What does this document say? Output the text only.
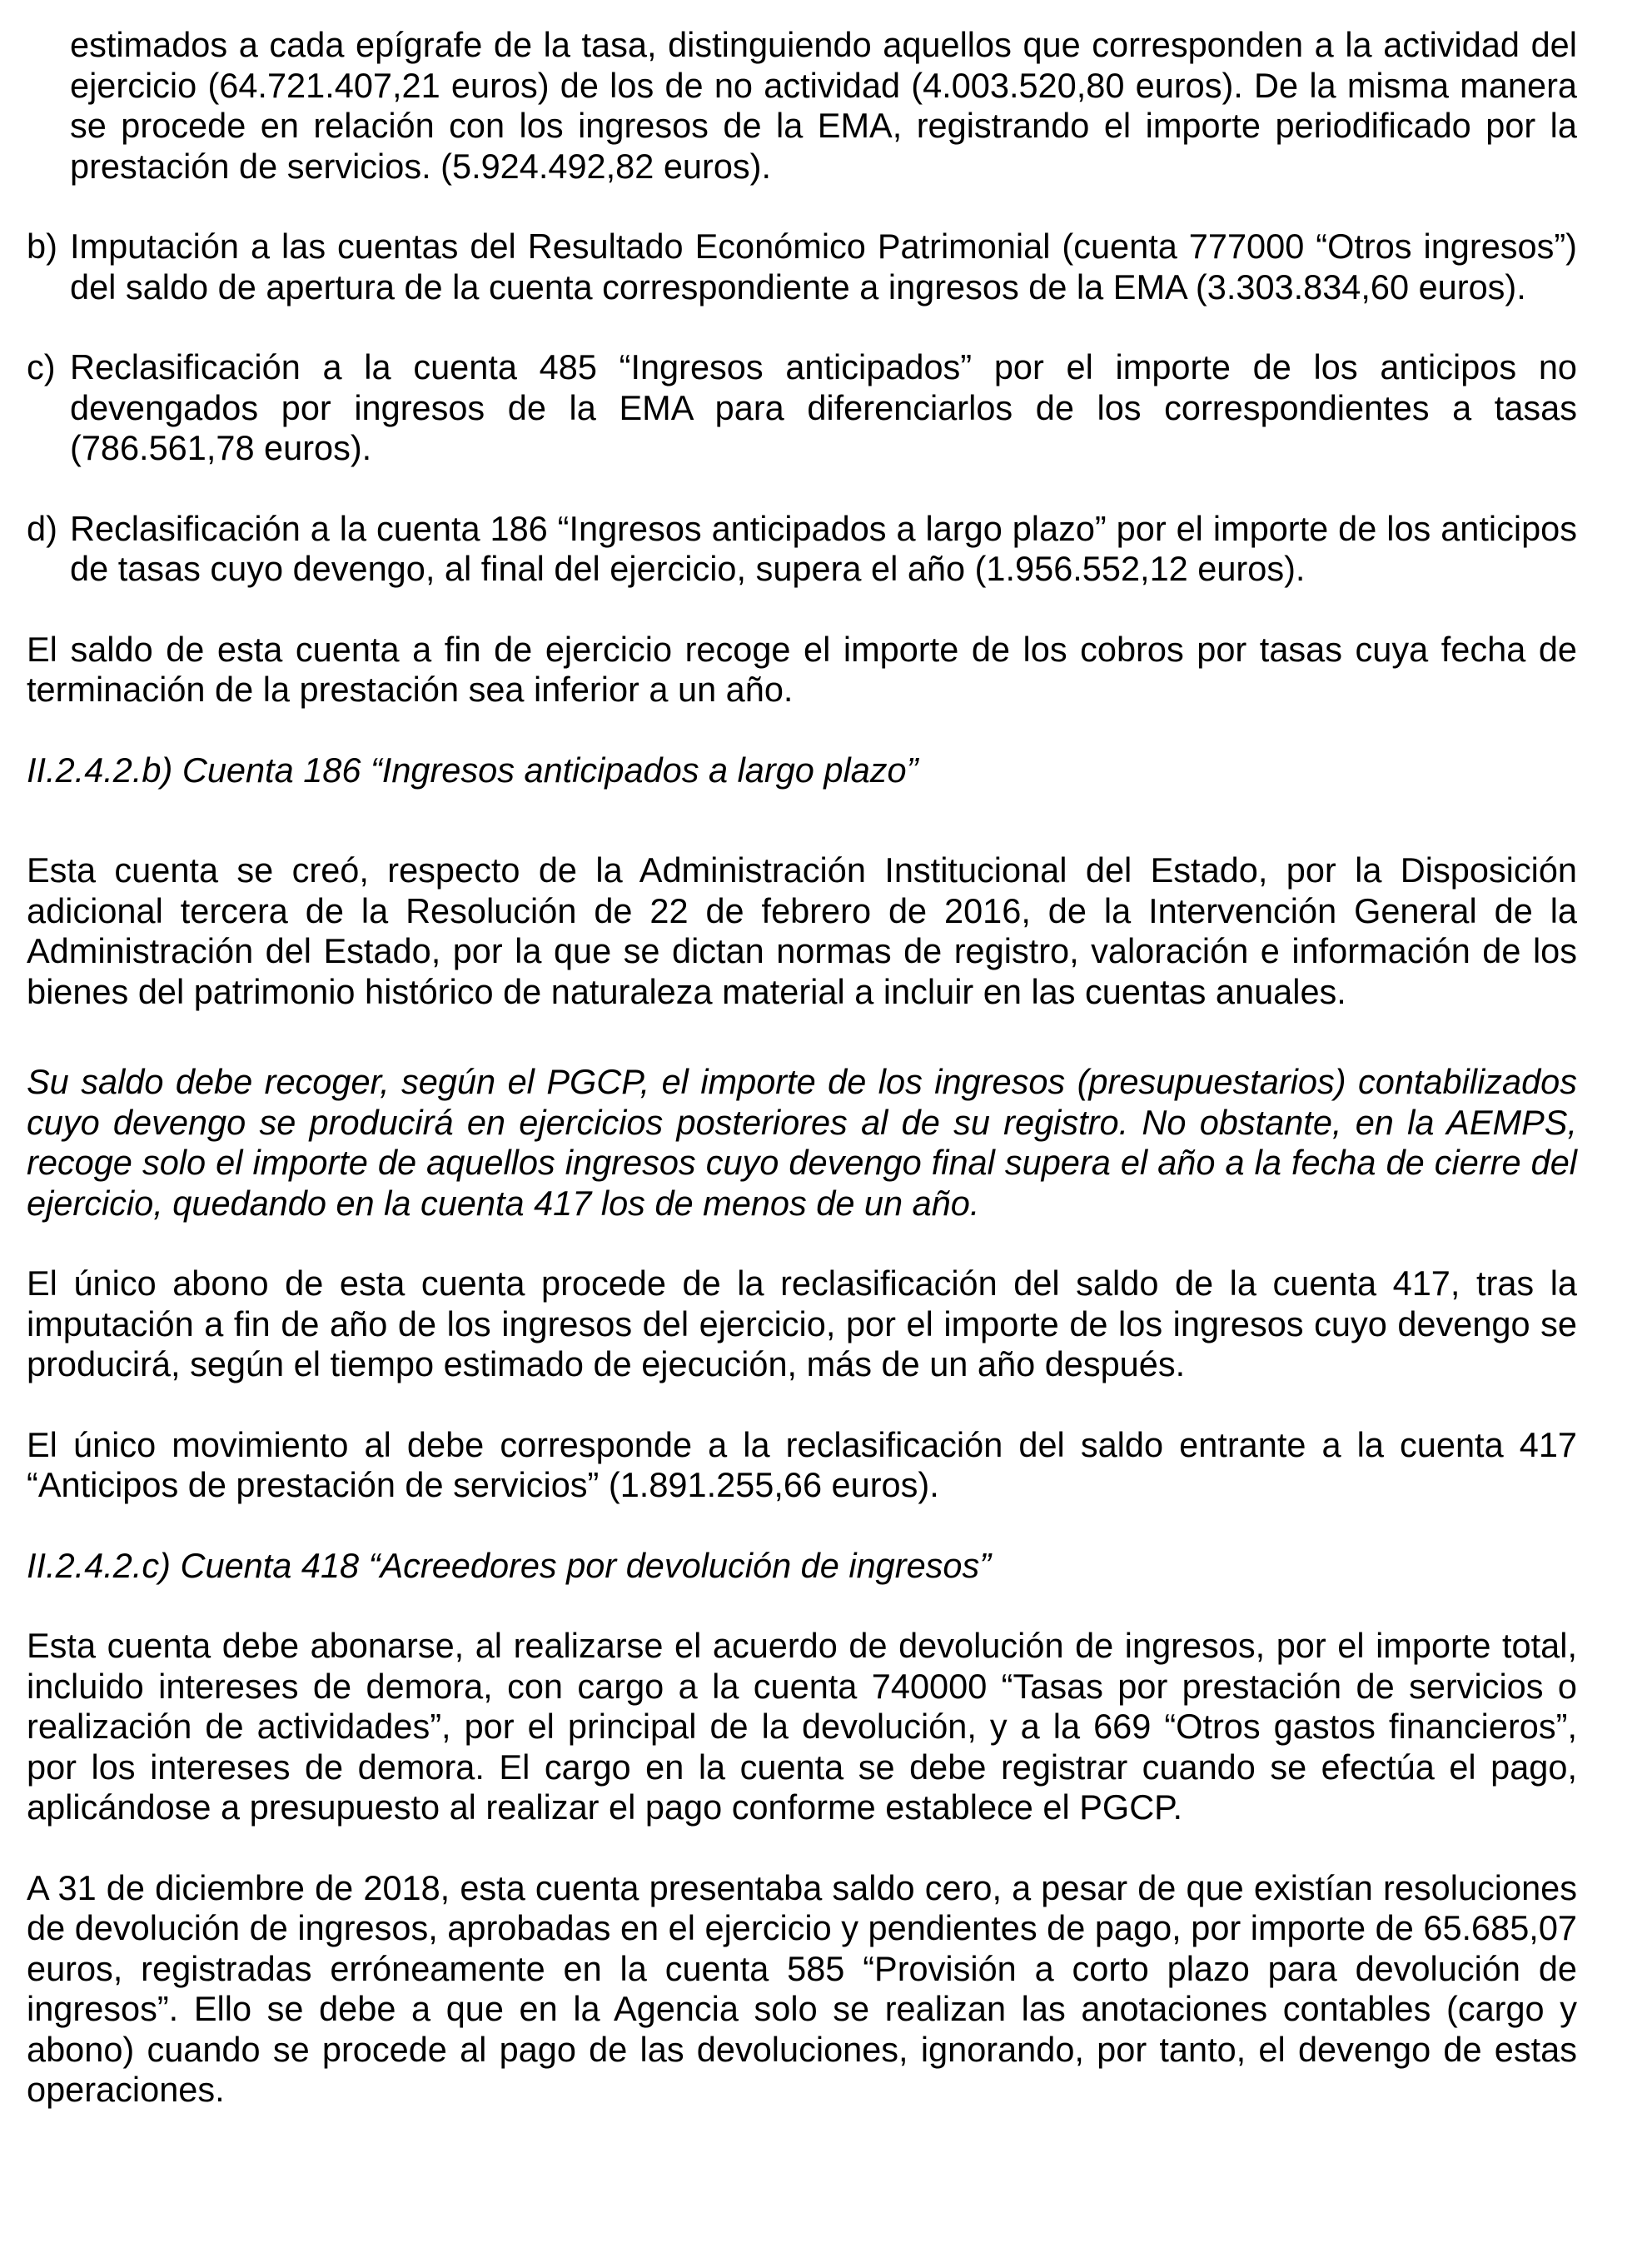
estimados a cada epígrafe de la tasa, distinguiendo aquellos que corresponden a la actividad del ejercicio (64.721.407,21 euros) de los de no actividad (4.003.520,80 euros). De la misma manera se procede en relación con los ingresos de la EMA, registrando el importe periodificado por la prestación de servicios. (5.924.492,82 euros).

b) Imputación a las cuentas del Resultado Económico Patrimonial (cuenta 777000 “Otros ingresos”) del saldo de apertura de la cuenta correspondiente a ingresos de la EMA (3.303.834,60 euros).
c) Reclasificación a la cuenta 485 “Ingresos anticipados” por el importe de los anticipos no devengados por ingresos de la EMA para diferenciarlos de los correspondientes a tasas (786.561,78 euros).
d) Reclasificación a la cuenta 186 “Ingresos anticipados a largo plazo” por el importe de los anticipos de tasas cuyo devengo, al final del ejercicio, supera el año (1.956.552,12 euros).

El saldo de esta cuenta a fin de ejercicio recoge el importe de los cobros por tasas cuya fecha de terminación de la prestación sea inferior a un año.

II.2.4.2.b) Cuenta 186 “Ingresos anticipados a largo plazo”

Esta cuenta se creó, respecto de la Administración Institucional del Estado, por la Disposición adicional tercera de la Resolución de 22 de febrero de 2016, de la Intervención General de la Administración del Estado, por la que se dictan normas de registro, valoración e información de los bienes del patrimonio histórico de naturaleza material a incluir en las cuentas anuales.

Su saldo debe recoger, según el PGCP, el importe de los ingresos (presupuestarios) contabilizados cuyo devengo se producirá en ejercicios posteriores al de su registro. No obstante, en la AEMPS, recoge solo el importe de aquellos ingresos cuyo devengo final supera el año a la fecha de cierre del ejercicio, quedando en la cuenta 417 los de menos de un año.

El único abono de esta cuenta procede de la reclasificación del saldo de la cuenta 417, tras la imputación a fin de año de los ingresos del ejercicio, por el importe de los ingresos cuyo devengo se producirá, según el tiempo estimado de ejecución, más de un año después.

El único movimiento al debe corresponde a la reclasificación del saldo entrante a la cuenta 417 “Anticipos de prestación de servicios” (1.891.255,66 euros).

II.2.4.2.c) Cuenta 418 “Acreedores por devolución de ingresos”

Esta cuenta debe abonarse, al realizarse el acuerdo de devolución de ingresos, por el importe total, incluido intereses de demora, con cargo a la cuenta 740000 “Tasas por prestación de servicios o realización de actividades”, por el principal de la devolución, y a la 669 “Otros gastos financieros”, por los intereses de demora. El cargo en la cuenta se debe registrar cuando se efectúa el pago, aplicándose a presupuesto al realizar el pago conforme establece el PGCP.

A 31 de diciembre de 2018, esta cuenta presentaba saldo cero, a pesar de que existían resoluciones de devolución de ingresos, aprobadas en el ejercicio y pendientes de pago, por importe de 65.685,07 euros, registradas erróneamente en la cuenta 585 “Provisión a corto plazo para devolución de ingresos”. Ello se debe a que en la Agencia solo se realizan las anotaciones contables (cargo y abono) cuando se procede al pago de las devoluciones, ignorando, por tanto, el devengo de estas operaciones.
